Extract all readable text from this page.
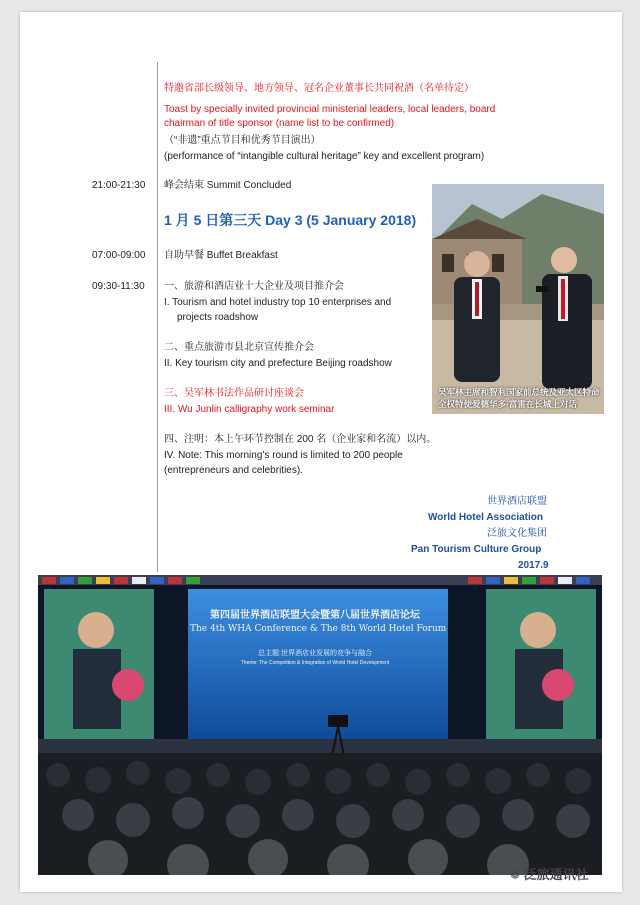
特邀省部长级领导、地方领导、冠名企业董事长共同祝酒（名单待定）
Toast by specially invited provincial ministerial leaders, local leaders, board
chairman of title sponsor (name list to be confirmed)
（“非遗”重点节目和优秀节目演出）
(performance of “intangible cultural heritage” key and excellent program)
21:00-21:30 峰会结束 Summit Concluded
1 月 5 日第三天 Day 3 (5 January 2018)
07:00-09:00 自助早餐 Buffet Breakfast
09:30-11:30 一、旅游和酒店业十大企业及项目推介会
I. Tourism and hotel industry top 10 enterprises and
projects roadshow
二、重点旅游市县北京宣传推介会
II. Key tourism city and prefecture Beijing roadshow
三、吴军林书法作品研讨座谈会
III. Wu Junlin calligraphy work seminar
四、注明：本上午环节控制在 200 名（企业家和名流）以内。
IV. Note: This morning’s round is limited to 200 people
(entrepreneurs and celebrities).
吴军林主席和智利国家前总统及亚太区特命全权特使爱德华多·富雷在长城上对话
世界酒店联盟
World Hotel Association
泛旅文化集团
Pan Tourism Culture Group
2017.9
第四届世界酒店联盟大会暨第八届世界酒店论坛
The 4th WHA Conference & The 8th World Hotel Forum
总主题:世界酒店业发展的竞争与融合
Theme: The Competition & Integration of World Hotel Development
❁ 泛旅通讯社
